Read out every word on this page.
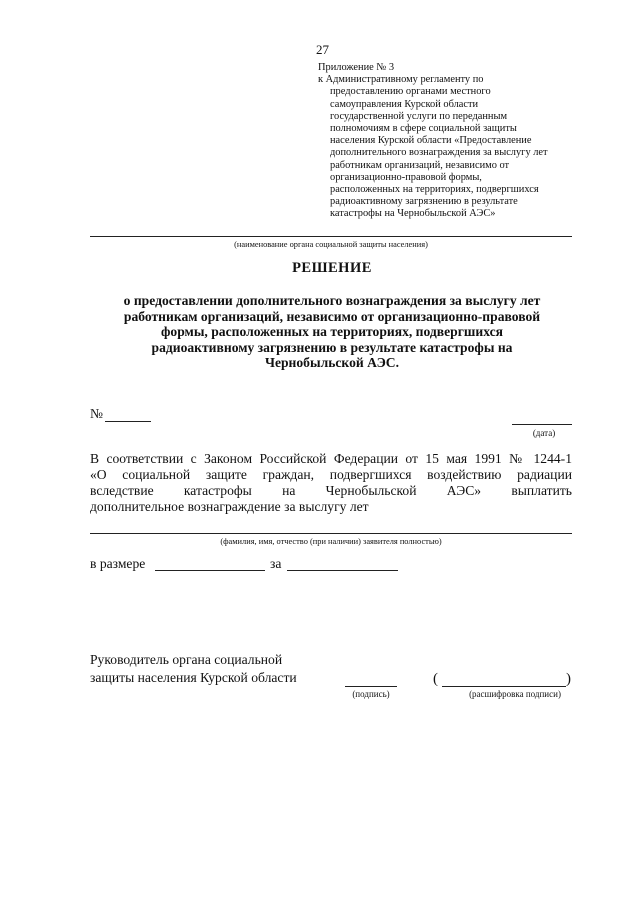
27
Приложение № 3
к Административному регламенту по
предоставлению органами местного
самоуправления Курской области
государственной услуги по переданным
полномочиям в сфере социальной защиты
населения Курской области «Предоставление
дополнительного вознаграждения за выслугу лет
работникам организаций, независимо от
организационно-правовой формы,
расположенных на территориях, подвергшихся
радиоактивному загрязнению в результате
катастрофы на Чернобыльской АЭС»
(наименование органа социальной защиты населения)
РЕШЕНИЕ
о предоставлении дополнительного вознаграждения за выслугу лет
работникам организаций, независимо от организационно-правовой
формы, расположенных на территориях, подвергшихся
радиоактивному загрязнению в результате катастрофы на
Чернобыльской АЭС.
№
(дата)
В соответствии с Законом Российской Федерации от 15 мая 1991 № 1244-1
«О социальной защите граждан, подвергшихся воздействию радиации
вследствие катастрофы на Чернобыльской АЭС» выплатить
дополнительное вознаграждение за выслугу лет
(фамилия, имя, отчество (при наличии) заявителя полностью)
в размере	за
Руководитель органа социальной
защиты населения Курской области
(подпись)
(	)
(расшифровка подписи)
